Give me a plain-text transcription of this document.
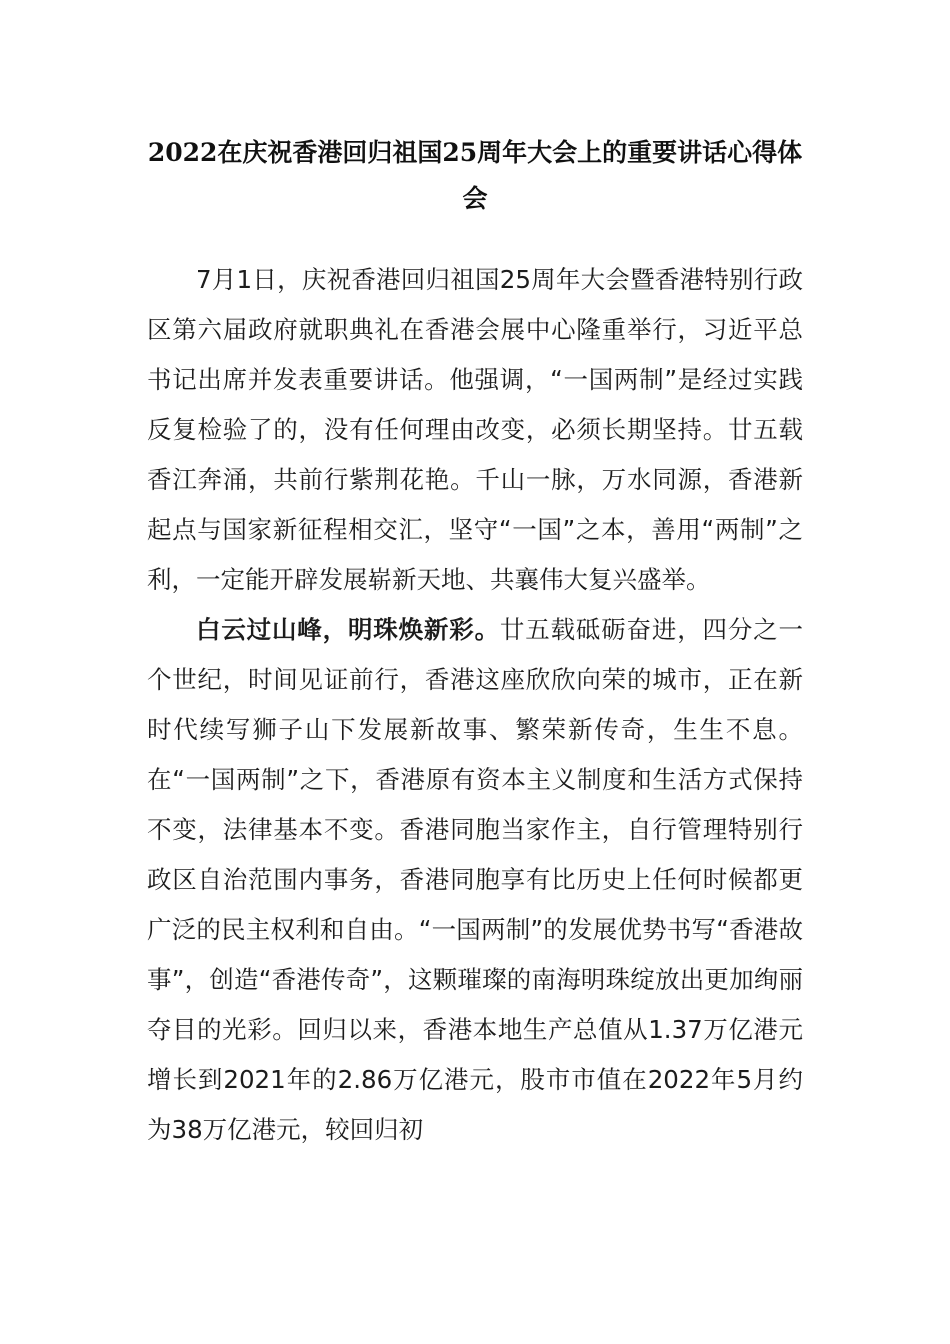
2022在庆祝香港回归祖国25周年大会上的重要讲话心得体会

7月1日，庆祝香港回归祖国25周年大会暨香港特别行政区第六届政府就职典礼在香港会展中心隆重举行，习近平总书记出席并发表重要讲话。他强调，“一国两制”是经过实践反复检验了的，没有任何理由改变，必须长期坚持。廿五载香江奔涌，共前行紫荆花艳。千山一脉，万水同源，香港新起点与国家新征程相交汇，坚守“一国”之本，善用“两制”之利，一定能开辟发展崭新天地、共襄伟大复兴盛举。

白云过山峰，明珠焕新彩。廿五载砥砺奋进，四分之一个世纪，时间见证前行，香港这座欣欣向荣的城市，正在新时代续写狮子山下发展新故事、繁荣新传奇，生生不息。在“一国两制”之下，香港原有资本主义制度和生活方式保持不变，法律基本不变。香港同胞当家作主，自行管理特别行政区自治范围内事务，香港同胞享有比历史上任何时候都更广泛的民主权利和自由。“一国两制”的发展优势书写“香港故事”，创造“香港传奇”，这颗璀璨的南海明珠绽放出更加绚丽夺目的光彩。回归以来，香港本地生产总值从1.37万亿港元增长到2021年的2.86万亿港元，股市市值在2022年5月约为38万亿港元，较回归初
